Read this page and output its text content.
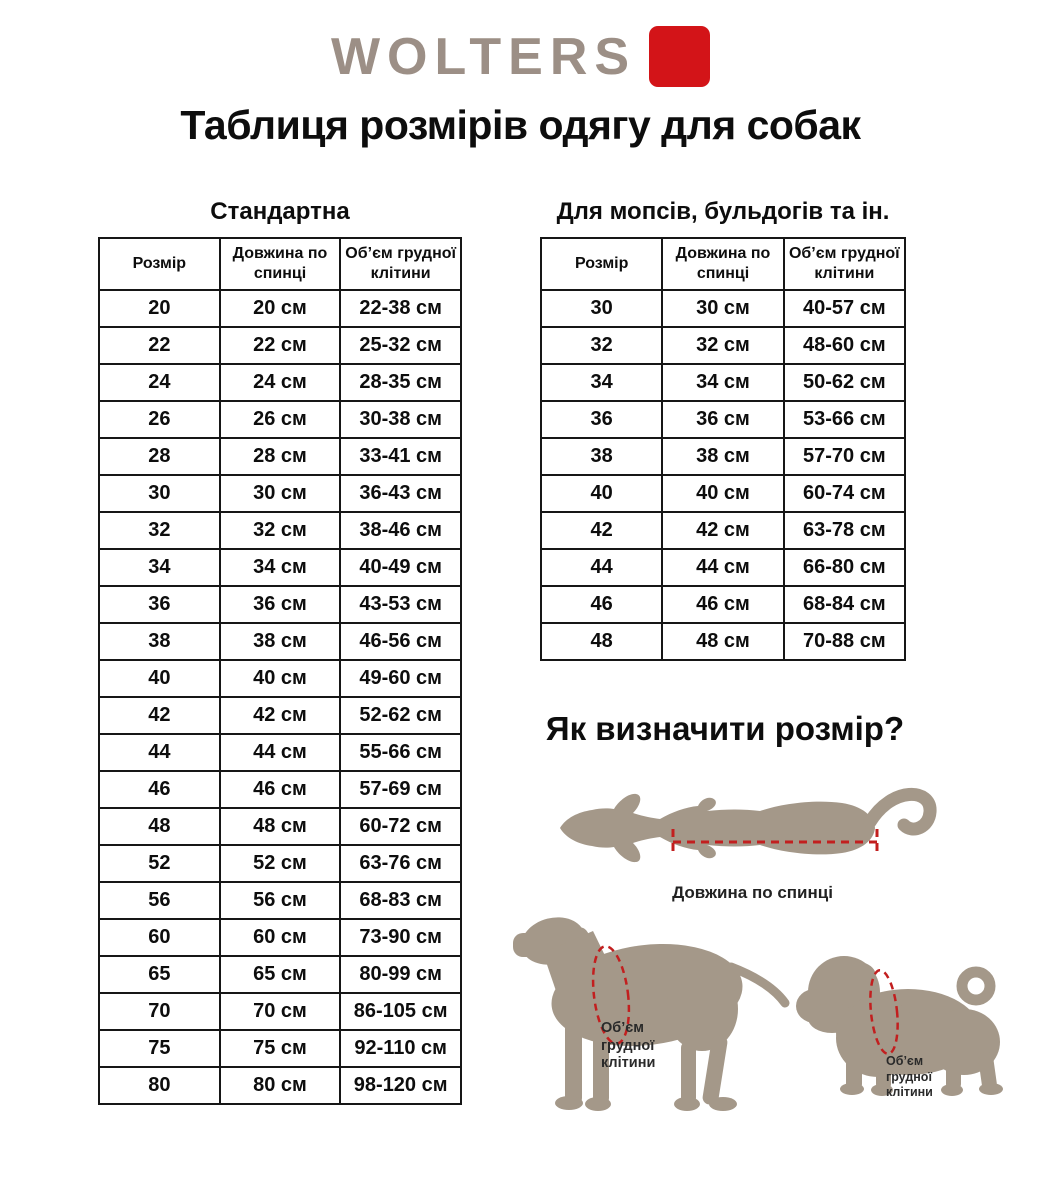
WOLTERS
Таблиця розмірів одягу для собак
Стандартна
Розмір	Довжина по спинці	Об’єм грудної клітини
20	20 см	22-38 см
22	22 см	25-32 см
24	24 см	28-35 см
26	26 см	30-38 см
28	28 см	33-41 см
30	30 см	36-43 см
32	32 см	38-46 см
34	34 см	40-49 см
36	36 см	43-53 см
38	38 см	46-56 см
40	40 см	49-60 см
42	42 см	52-62 см
44	44 см	55-66 см
46	46 см	57-69 см
48	48 см	60-72 см
52	52 см	63-76 см
56	56 см	68-83 см
60	60 см	73-90 см
65	65 см	80-99 см
70	70 см	86-105 см
75	75 см	92-110 см
80	80 см	98-120 см
Для мопсів, бульдогів та ін.
Розмір	Довжина по спинці	Об’єм грудної клітини
30	30 см	40-57 см
32	32 см	48-60 см
34	34 см	50-62 см
36	36 см	53-66 см
38	38 см	57-70 см
40	40 см	60-74 см
42	42 см	63-78 см
44	44 см	66-80 см
46	46 см	68-84 см
48	48 см	70-88 см
Як визначити розмір?
Довжина по спинці
Об’єм грудної клітини	Об’єм грудної клітини
